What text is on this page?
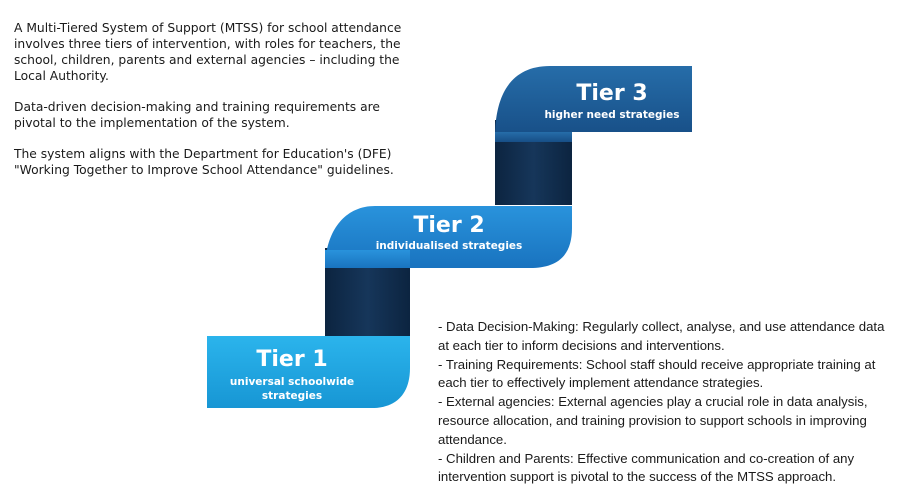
A Multi-Tiered System of Support (MTSS) for school attendance involves three tiers of intervention, with roles for teachers, the school, children, parents and external agencies – including the Local Authority.

Data-driven decision-making and training requirements are pivotal to the implementation of the system.

The system aligns with the Department for Education's (DFE) "Working Together to Improve School Attendance" guidelines.

Tier 1
universal schoolwide
strategies
Tier 2
individualised strategies
Tier 3
higher need strategies
- Data Decision-Making: Regularly collect, analyse, and use attendance data at each tier to inform decisions and interventions.
- Training Requirements: School staff should receive appropriate training at each tier to effectively implement attendance strategies.
- External agencies: External agencies play a crucial role in data analysis, resource allocation, and training provision to support schools in improving attendance.
- Children and Parents: Effective communication and co-creation of any intervention support is pivotal to the success of the MTSS approach.
